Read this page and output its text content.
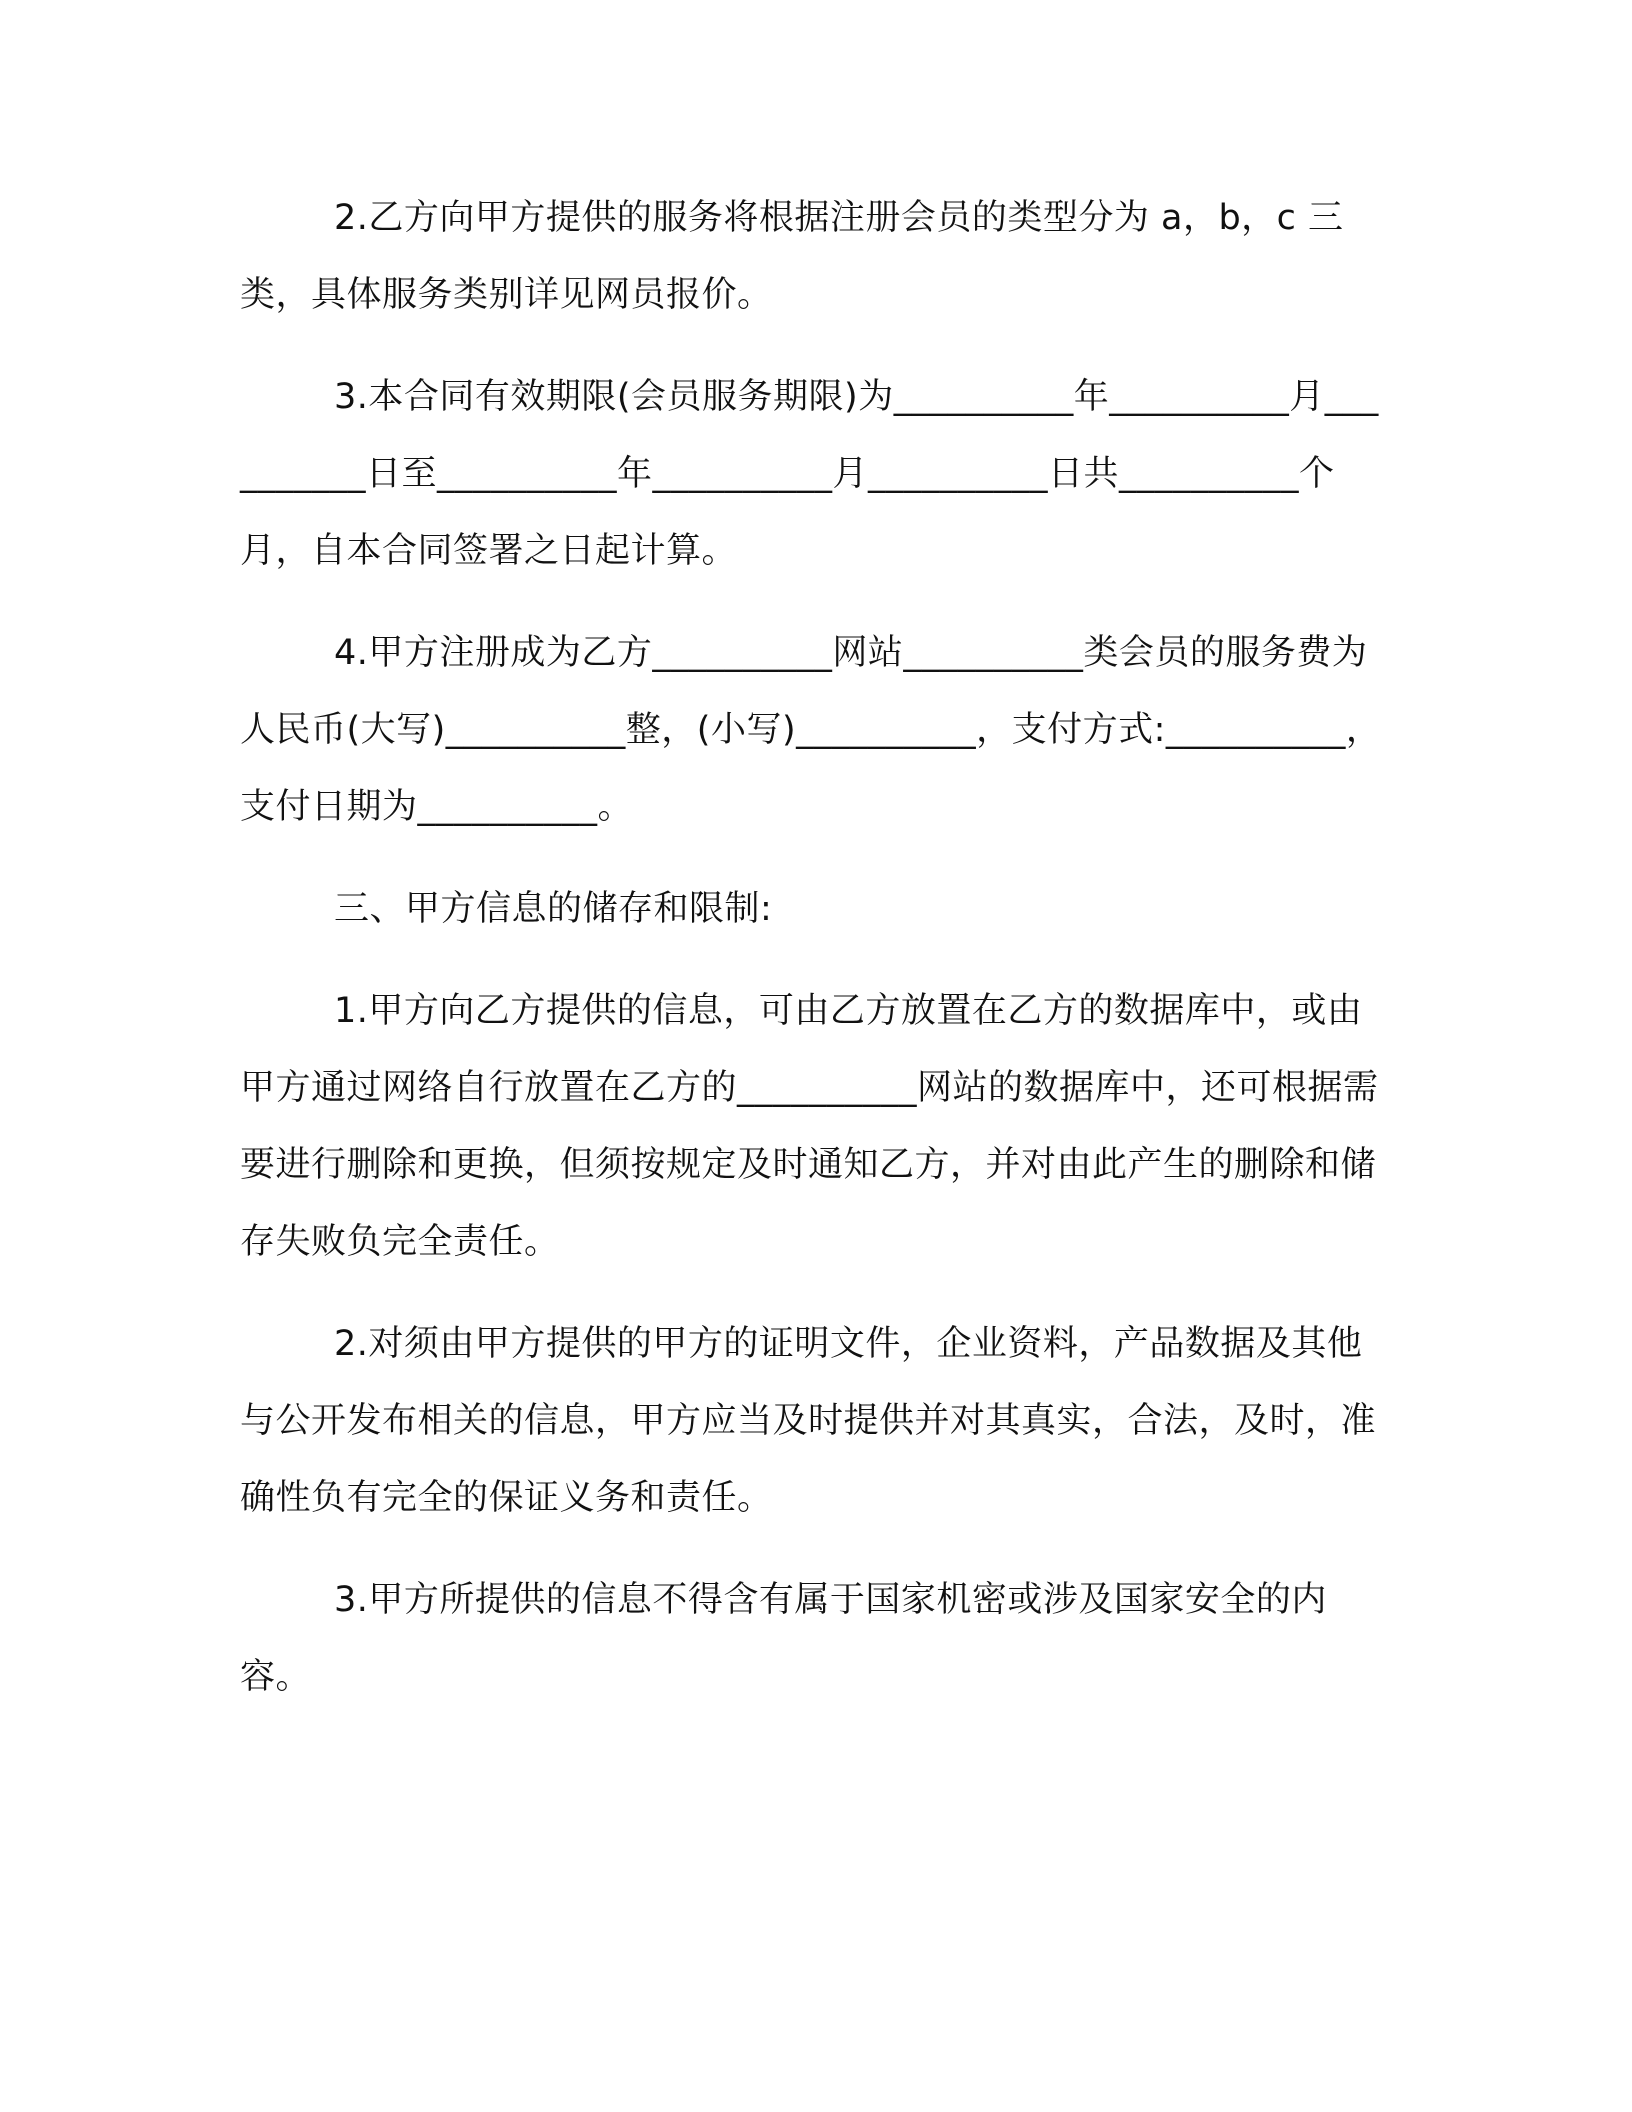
2.乙方向甲方提供的服务将根据注册会员的类型分为 a，b，c 三类，具体服务类别详见网员报价。

3.本合同有效期限(会员服务期限)为__________年__________月__________日至__________年__________月__________日共__________个月，自本合同签署之日起计算。

4.甲方注册成为乙方__________网站__________类会员的服务费为人民币(大写)__________整，(小写)__________，支付方式:__________，支付日期为__________。

三、甲方信息的储存和限制:

1.甲方向乙方提供的信息，可由乙方放置在乙方的数据库中，或由甲方通过网络自行放置在乙方的__________网站的数据库中，还可根据需要进行删除和更换，但须按规定及时通知乙方，并对由此产生的删除和储存失败负完全责任。

2.对须由甲方提供的甲方的证明文件，企业资料，产品数据及其他与公开发布相关的信息，甲方应当及时提供并对其真实，合法，及时，准确性负有完全的保证义务和责任。

3.甲方所提供的信息不得含有属于国家机密或涉及国家安全的内容。
